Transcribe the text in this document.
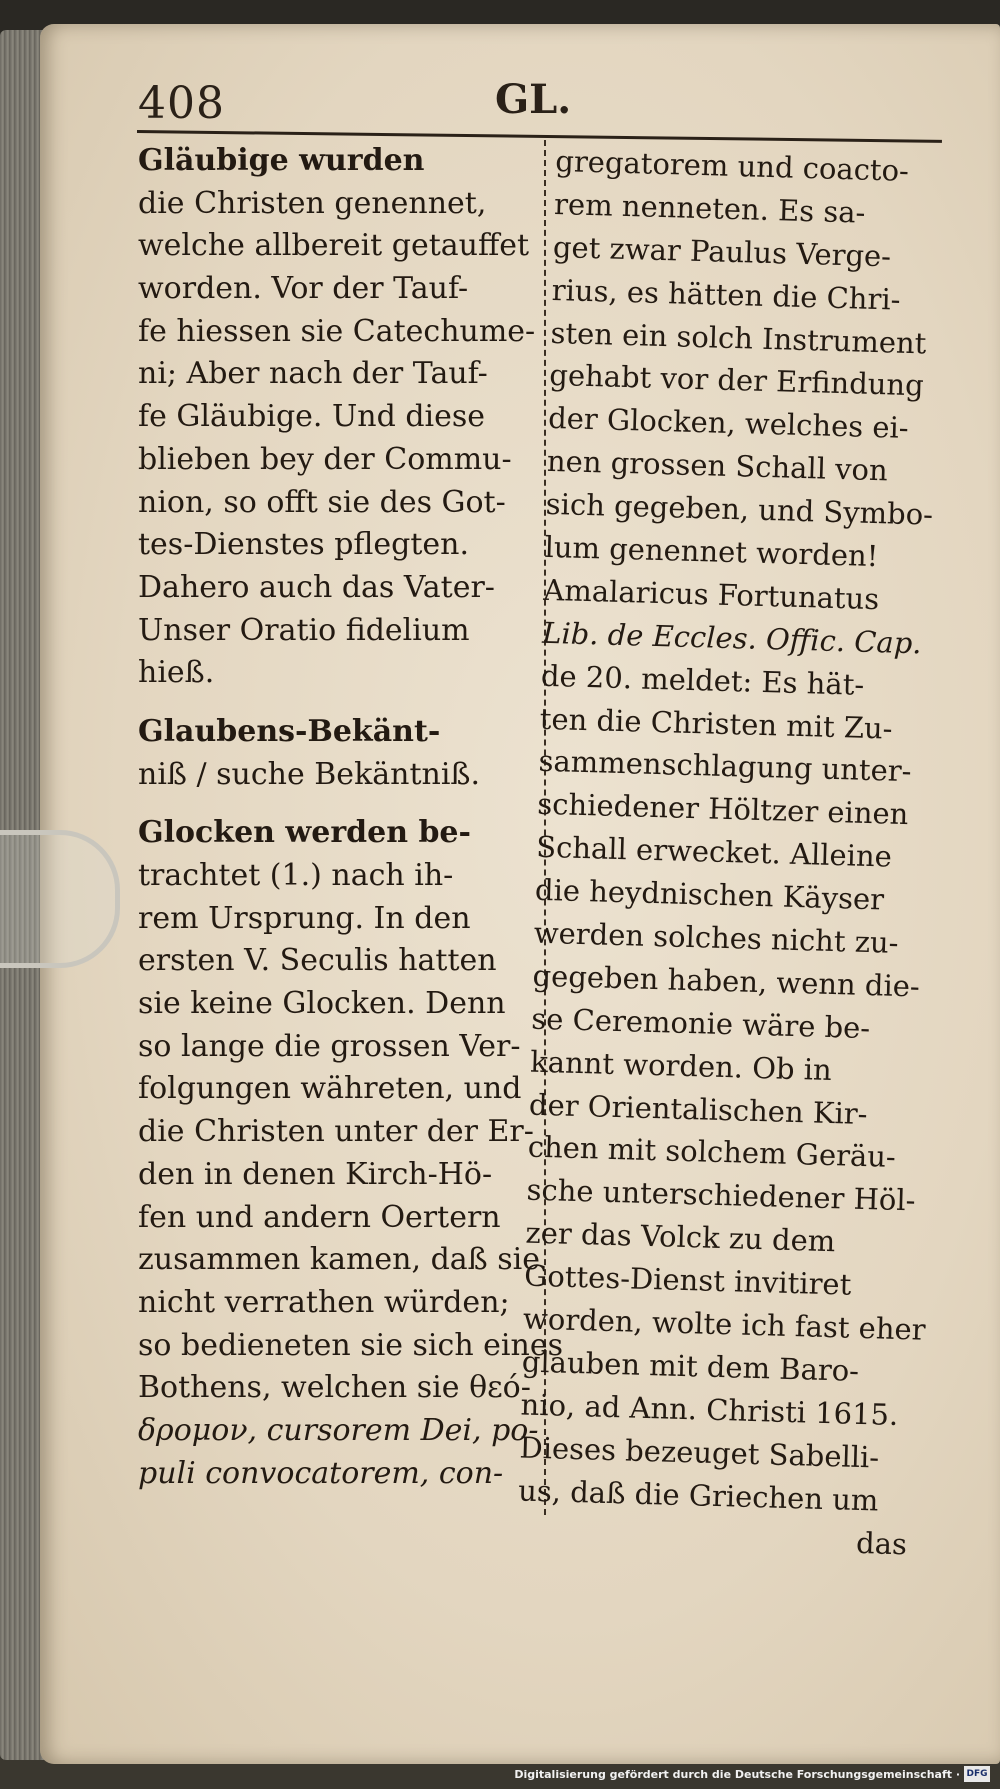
408	GL.
Gläubige wurden
die Christen genennet,
welche allbereit getauffet
worden. Vor der Tauf-
fe hiessen sie Catechume-
ni; Aber nach der Tauf-
fe Gläubige. Und diese
blieben bey der Commu-
nion, so offt sie des Got-
tes-Dienstes pflegten.
Dahero auch das Vater-
Unser Oratio fidelium
hieß.
Glaubens-Bekänt-
niß / suche Bekäntniß.
Glocken werden be-
trachtet (1.) nach ih-
rem Ursprung. In den
ersten V. Seculis hatten
sie keine Glocken. Denn
so lange die grossen Ver-
folgungen währeten, und
die Christen unter der Er-
den in denen Kirch-Hö-
fen und andern Oertern
zusammen kamen, daß sie
nicht verrathen würden;
so bedieneten sie sich eines
Bothens, welchen sie θεό-
δρομον, cursorem Dei, po-
puli convocatorem, con-
gregatorem und coacto-
rem nenneten. Es sa-
get zwar Paulus Verge-
rius, es hätten die Chri-
sten ein solch Instrument
gehabt vor der Erfindung
der Glocken, welches ei-
nen grossen Schall von
sich gegeben, und Symbo-
lum genennet worden!
Amalaricus Fortunatus
Lib. de Eccles. Offic. Cap.
de 20. meldet: Es hät-
ten die Christen mit Zu-
sammenschlagung unter-
schiedener Höltzer einen
Schall erwecket. Alleine
die heydnischen Käyser
werden solches nicht zu-
gegeben haben, wenn die-
se Ceremonie wäre be-
kannt worden. Ob in
der Orientalischen Kir-
chen mit solchem Geräu-
sche unterschiedener Höl-
zer das Volck zu dem
Gottes-Dienst invitiret
worden, wolte ich fast eher
glauben mit dem Baro-
nio, ad Ann. Christi 1615.
Dieses bezeuget Sabelli-
us, daß die Griechen um
das
Digitalisierung gefördert durch die Deutsche Forschungsgemeinschaft · DFG
